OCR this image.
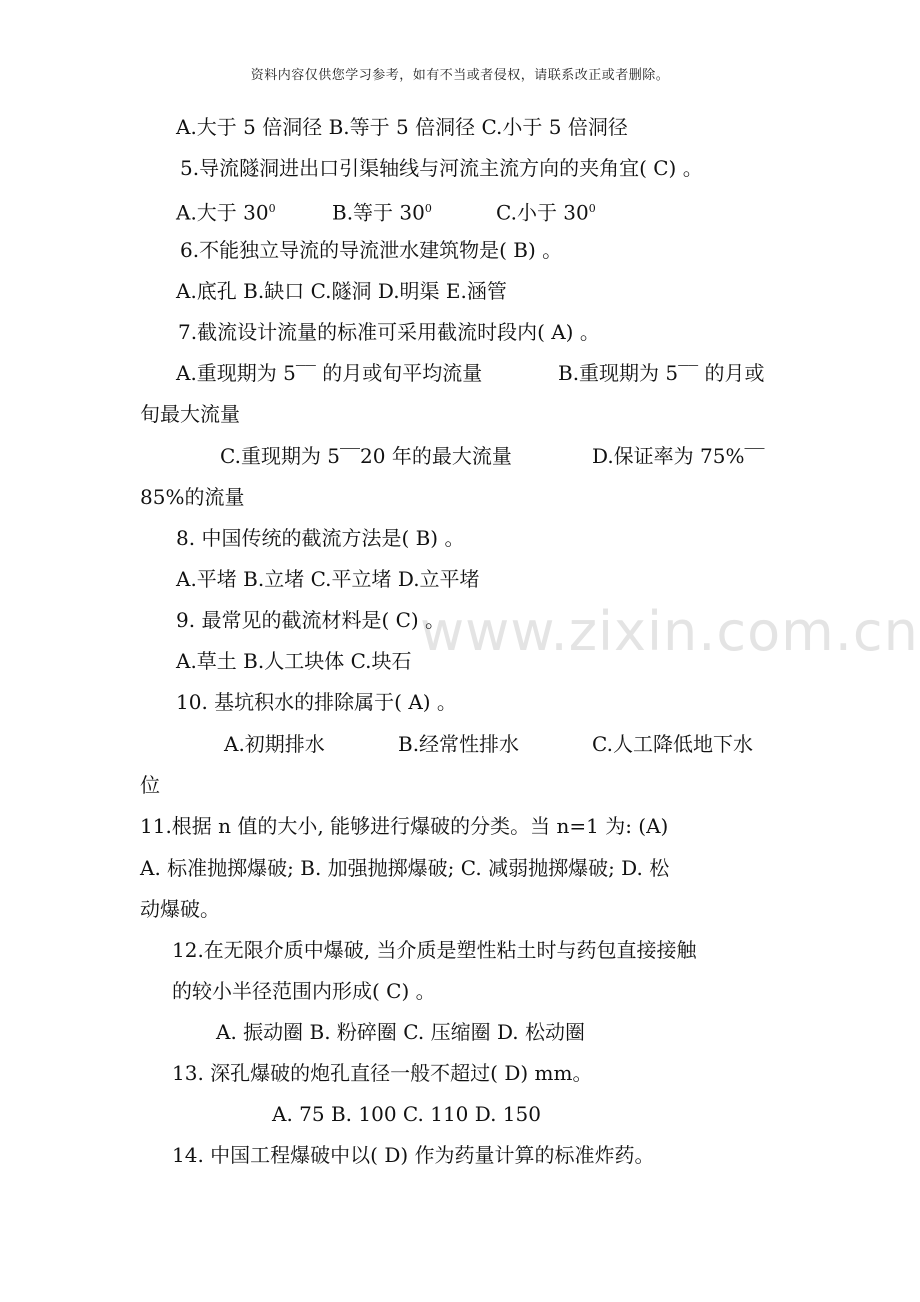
资料内容仅供您学习参考，如有不当或者侵权，请联系改正或者删除。
www.zixin.com.cn
A.大于 5 倍洞径 B.等于 5 倍洞径 C.小于 5 倍洞径
5.导流隧洞进出口引渠轴线与河流主流方向的夹角宜( C) 。
A.大于 $30^0$	B.等于 $30^0$	C.小于 $30^0$
6.不能独立导流的导流泄水建筑物是( B) 。
A.底孔 B.缺口 C.隧洞 D.明渠 E.涵管
7.截流设计流量的标准可采用截流时段内( A) 。
A.重现期为 5‾‾ 的月或旬平均流量	B.重现期为 5‾‾ 的月或
旬最大流量
C.重现期为 5‾‾20 年的最大流量	D.保证率为 75%‾‾
85%的流量
8. 中国传统的截流方法是( B) 。
A.平堵 B.立堵 C.平立堵 D.立平堵
9. 最常见的截流材料是( C) 。
A.草土 B.人工块体 C.块石
10. 基坑积水的排除属于( A) 。
A.初期排水	B.经常性排水	C.人工降低地下水
位
11.根据 n 值的大小, 能够进行爆破的分类。当 n=1 为: (A)
A. 标准抛掷爆破; B. 加强抛掷爆破; C. 减弱抛掷爆破; D. 松
动爆破。
12.在无限介质中爆破, 当介质是塑性粘土时与药包直接接触
的较小半径范围内形成( C) 。
A. 振动圈 B. 粉碎圈 C. 压缩圈 D. 松动圈
13. 深孔爆破的炮孔直径一般不超过( D) mm。
A. 75 B. 100 C. 110 D. 150
14. 中国工程爆破中以( D) 作为药量计算的标准炸药。
